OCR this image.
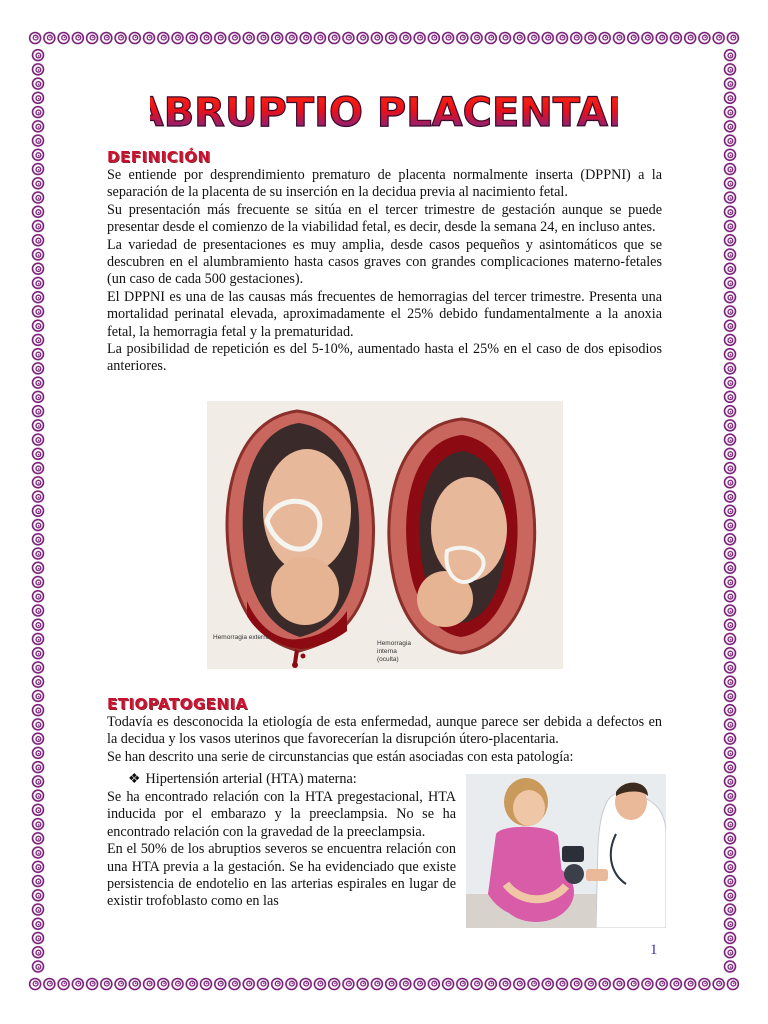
ABRUPTIO PLACENTAE
DEFINICIÓN

Se entiende por desprendimiento prematuro de placenta normalmente inserta (DPPNI) a la separación de la placenta de su inserción en la decidua previa al nacimiento fetal.

Su presentación más frecuente se sitúa en el tercer trimestre de gestación aunque se puede presentar desde el comienzo de la viabilidad fetal, es decir, desde la semana 24, en incluso antes.

La variedad de presentaciones es muy amplia, desde casos pequeños y asintomáticos que se descubren en el alumbramiento hasta casos graves con grandes complicaciones materno-fetales (un caso de cada 500 gestaciones).

El DPPNI es una de las causas más frecuentes de hemorragias del tercer trimestre. Presenta una mortalidad perinatal elevada, aproximadamente el 25% debido fundamentalmente a la anoxia fetal, la hemorragia fetal y la prematuridad.

La posibilidad de repetición es del 5-10%, aumentado hasta el 25% en el caso de dos episodios anteriores.

Hemorragia externa
Hemorragia
interna
(oculta)
ETIOPATOGENIA

Todavía es desconocida la etiología de esta enfermedad, aunque parece ser debida a defectos en la decidua y los vasos uterinos que favorecerían la disrupción útero-placentaria.

Se han descrito una serie de circunstancias que están asociadas con esta patología:

❖ Hipertensión arterial (HTA) materna:

Se ha encontrado relación con la HTA pregestacional, HTA inducida por el embarazo y la preeclampsia. No se ha encontrado relación con la gravedad de la preeclampsia.

En el 50% de los abruptios severos se encuentra relación con una HTA previa a la gestación. Se ha evidenciado que existe persistencia de endotelio en las arterias espirales en lugar de existir trofoblasto como en las

1
